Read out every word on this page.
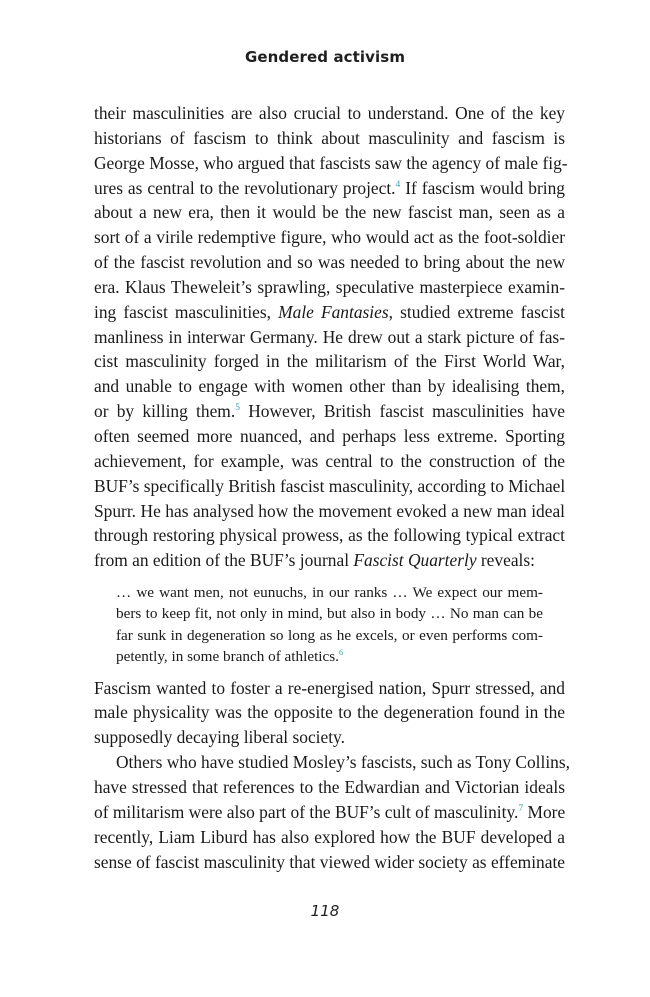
Gendered activism
their masculinities are also crucial to understand. One of the key
historians of fascism to think about masculinity and fascism is
George Mosse, who argued that fascists saw the agency of male fig-
ures as central to the revolutionary project.$^4$ If fascism would bring
about a new era, then it would be the new fascist man, seen as a
sort of a virile redemptive figure, who would act as the foot-soldier
of the fascist revolution and so was needed to bring about the new
era. Klaus Theweleit’s sprawling, speculative masterpiece examin-
ing fascist masculinities, Male Fantasies, studied extreme fascist
manliness in interwar Germany. He drew out a stark picture of fas-
cist masculinity forged in the militarism of the First World War,
and unable to engage with women other than by idealising them,
or by killing them.$^5$ However, British fascist masculinities have
often seemed more nuanced, and perhaps less extreme. Sporting
achievement, for example, was central to the construction of the
BUF’s specifically British fascist masculinity, according to Michael
Spurr. He has analysed how the movement evoked a new man ideal
through restoring physical prowess, as the following typical extract
from an edition of the BUF’s journal Fascist Quarterly reveals:
… we want men, not eunuchs, in our ranks … We expect our mem-
bers to keep fit, not only in mind, but also in body … No man can be
far sunk in degeneration so long as he excels, or even performs com-
petently, in some branch of athletics.$^6$
Fascism wanted to foster a re-energised nation, Spurr stressed, and
male physicality was the opposite to the degeneration found in the
supposedly decaying liberal society.
Others who have studied Mosley’s fascists, such as Tony Collins,
have stressed that references to the Edwardian and Victorian ideals
of militarism were also part of the BUF’s cult of masculinity.$^7$ More
recently, Liam Liburd has also explored how the BUF developed a
sense of fascist masculinity that viewed wider society as effeminate
118
